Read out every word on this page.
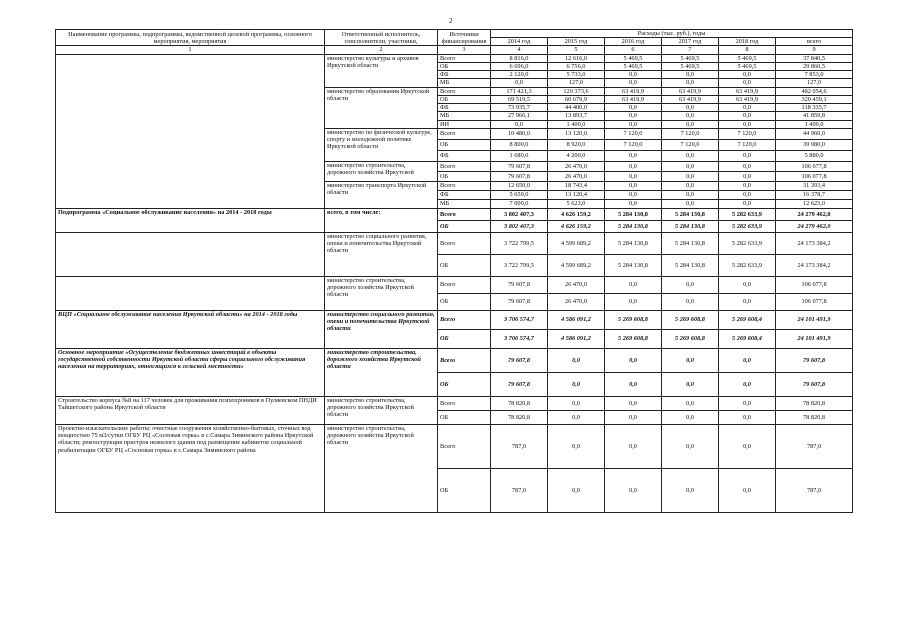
2
Наименование программы, подпрограммы, ведомственной целевой программы, основного мероприятия, мероприятия	Ответственный исполнитель, соисполнители, участники,	Источники финансирования	Расходы (тыс. руб.), годы					
			2014 год	2015 год	2016 год	2017 год	2018 год	всего
1	2	3	4	5	6	7	8	9
	министерство культуры и архивов Иркутской области	Всего	8 816,0	12 616,0	5 469,5	5 469,5	5 469,5	37 840,5
		ОБ	6 696,0	6 756,0	5 469,5	5 469,5	5 469,5	29 860,5
		ФБ	2 120,0	5 733,0	0,0	0,0	0,0	7 853,0
		МБ	0,0	127,0	0,0	0,0	0,0	127,0
	министерство образования Иркутской области	Всего	171 421,3	120 373,6	63 419,9	63 419,9	63 419,9	482 054,6
		ОБ	69 519,5	60 679,9	63 419,9	63 419,9	63 419,9	320 459,1
		ФБ	73 935,7	44 400,0	0,0	0,0	0,0	118 335,7
		МБ	27 966,1	13 893,7	0,0	0,0	0,0	41 859,8
		ИИ	0,0	1 400,0	0,0	0,0	0,0	1 400,0
	министерство по физической культуре, спорту и молодежной политике Иркутской области	Всего	10 480,0	13 120,0	7 120,0	7 120,0	7 120,0	44 960,0
		ОБ	8 800,0	8 920,0	7 120,0	7 120,0	7 120,0	39 080,0
		ФБ	1 680,0	4 200,0	0,0	0,0	0,0	5 880,0
	министерство строительства, дорожного хозяйства Иркутской	Всего	79 607,8	26 470,0	0,0	0,0	0,0	106 077,8
		ОБ	79 607,8	26 470,0	0,0	0,0	0,0	106 077,8
	министерство транспорта Иркутской области	Всего	12 650,0	18 743,4	0,0	0,0	0,0	31 393,4
		ФБ	5 650,0	13 120,4	0,0	0,0	0,0	16 378,7
		МБ	7 000,0	5 623,0	0,0	0,0	0,0	12 623,0
Подпрограмма «Социальное обслуживание населения» на 2014 - 2018 годы	всего, в том числе:	Всего	3 802 407,3	4 626 159,2	5 284 130,8	5 284 130,8	5 282 633,9	24 279 462,0
		ОБ	3 802 407,3	4 626 159,2	5 284 130,8	5 284 130,8	5 282 633,9	24 279 462,0
	министерство социального развития, опеки и попечительства Иркутской области	Всего	3 722 799,5	4 599 689,2	5 284 130,8	5 284 130,8	5 282 633,9	24 173 384,2
		ОБ	3 722 799,5	4 599 689,2	5 284 130,8	5 284 130,8	5 282 633,9	24 173 384,2
	министерство строительства, дорожного хозяйства Иркутской области	Всего	79 607,8	26 470,0	0,0	0,0	0,0	106 077,8
		ОБ	79 607,8	26 470,0	0,0	0,0	0,0	106 077,8
ВЦП «Социальное обслуживание населения Иркутской области» на 2014 - 2018 годы	министерство социального развития, опеки и попечительства Иркутской области	Всего	3 706 574,7	4 586 091,2	5 269 608,8	5 269 608,8	5 269 608,4	24 101 491,9
		ОБ	3 706 574,7	4 586 091,2	5 269 608,8	5 269 608,8	5 269 608,4	24 101 491,9
Основное мероприятие «Осуществление бюджетных инвестиций в объекты государственной собственности Иркутской области сферы социального обслуживания населения на территориях, относящихся к сельской местности»	министерство строительства, дорожного хозяйства Иркутской области	Всего	79 607,8	0,0	0,0	0,0	0,0	79 607,8
		ОБ	79 607,8	0,0	0,0	0,0	0,0	79 607,8
Строительство корпуса №8 на 117 человек для проживания психохроников в Пуляевском ПНДИ Тайшетского района Иркутской области	министерство строительства, дорожного хозяйства Иркутской области	Всего	78 820,8	0,0	0,0	0,0	0,0	78 820,8
		ОБ	78 820,8	0,0	0,0	0,0	0,0	78 820,8
Проектно-изыскательские работы: очистные сооружения хозяйственно-бытовых, сточных вод мощностью 75 м3/сутки ОГБУ РЦ «Сосновая горка» в с.Самара Зиминского района Иркутской области; реконструкция пристроя нежилого здания под размещение кабинетов социальной реабилитации ОГБУ РЦ «Сосновая горка» в с.Самара Зиминского района	министерство строительства, дорожного хозяйства Иркутской области	Всего	787,0	0,0	0,0	0,0	0,0	787,0
		ОБ	787,0	0,0	0,0	0,0	0,0	787,0
